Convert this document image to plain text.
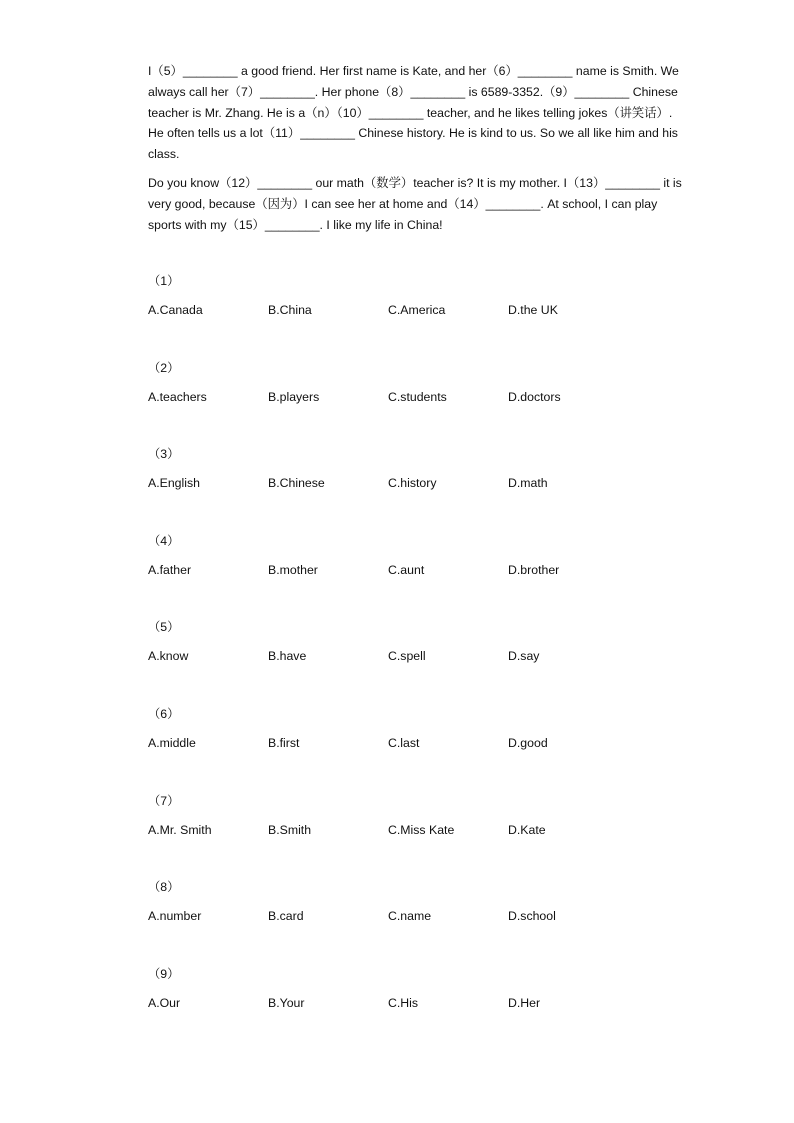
I（5）________ a good friend. Her first name is Kate, and her（6）________ name is Smith. We always call her（7）________. Her phone（8）________ is 6589-3352.（9）________ Chinese teacher is Mr. Zhang. He is a（n）（10）________ teacher, and he likes telling jokes（讲笑话）. He often tells us a lot（11）________ Chinese history. He is kind to us. So we all like him and his class.

Do you know（12）________ our math（数学）teacher is? It is my mother. I（13）________ it is very good, because（因为）I can see her at home and（14）________. At school, I can play sports with my（15）________. I like my life in China!

（1）
A.Canada	B.China	C.America	D.the UK
（2）
A.teachers	B.players	C.students	D.doctors
（3）
A.English	B.Chinese	C.history	D.math
（4）
A.father	B.mother	C.aunt	D.brother
（5）
A.know	B.have	C.spell	D.say
（6）
A.middle	B.first	C.last	D.good
（7）
A.Mr. Smith	B.Smith	C.Miss Kate	D.Kate
（8）
A.number	B.card	C.name	D.school
（9）
A.Our	B.Your	C.His	D.Her
